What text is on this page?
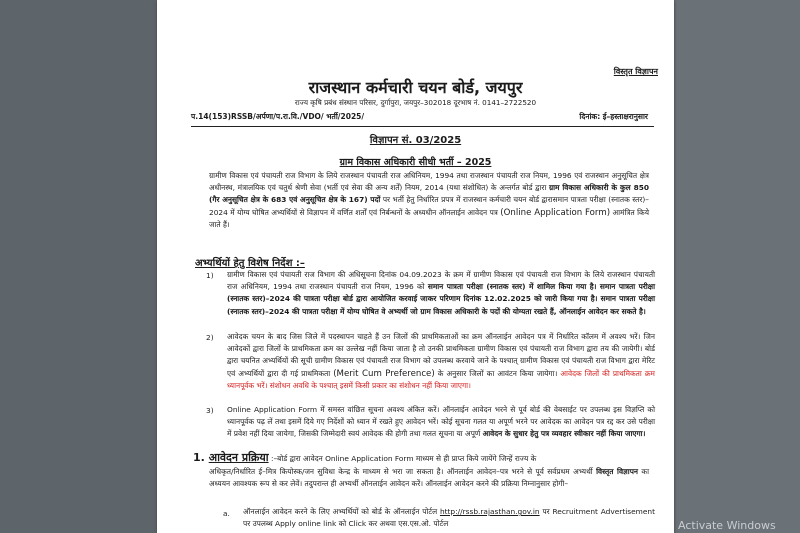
विस्तृत विज्ञापन
राजस्थान कर्मचारी चयन बोर्ड, जयपुर
राज्य कृषि प्रबंध संस्थान परिसर, दुर्गापुरा, जयपुर–302018 दूरभाष नं. 0141–2722520
प.14(153)RSSB/अर्पणा/प.रा.वि./VDO/ भर्ती/2025/	दिनांक: ई–हस्ताक्षरानुसार
विज्ञापन सं. 03/2025
ग्राम विकास अधिकारी सीधी भर्ती – 2025
ग्रामीण विकास एवं पंचायती राज विभाग के लिये राजस्थान पंचायती राज अधिनियम, 1994 तथा राजस्थान पंचायती राज नियम, 1996 एवं राजस्थान अनुसूचित क्षेत्र अधीनस्थ, मंत्रालयिक एवं चतुर्थ श्रेणी सेवा (भर्ती एवं सेवा की अन्य शर्तें) नियम, 2014 (यथा संशोधित) के अन्तर्गत बोर्ड द्वारा ग्राम विकास अधिकारी के कुल 850 (गैर अनुसूचित क्षेत्र के 683 एवं अनुसूचित क्षेत्र के 167) पदों पर भर्ती हेतु निर्धारित प्रपत्र में राजस्थान कर्मचारी चयन बोर्ड द्वारासमान पात्रता परीक्षा (स्नातक स्तर)– 2024 में योग्य घोषित अभ्यर्थियों से विज्ञापन में वर्णित शर्तों एवं निर्बन्धनों के अध्यधीन ऑनलाईन आवेदन पत्र (Online Application Form) आमंत्रित किये जाते हैं।
अभ्यर्थियों हेतु विशेष निर्देश :–
1) ग्रामीण विकास एवं पंचायती राज विभाग की अधिसूचना दिनांक 04.09.2023 के क्रम में ग्रामीण विकास एवं पंचायती राज विभाग के लिये राजस्थान पंचायती राज अधिनियम, 1994 तथा राजस्थान पंचायती राज नियम, 1996 को समान पात्रता परीक्षा (स्नातक स्तर) में शामिल किया गया है। समान पात्रता परीक्षा (स्नातक स्तर)–2024 की पात्रता परीक्षा बोर्ड द्वारा आयोजित करवाई जाकर परिणाम दिनांक 12.02.2025 को जारी किया गया है। समान पात्रता परीक्षा (स्नातक स्तर)–2024 की पात्रता परीक्षा में योग्य घोषित वे अभ्यर्थी जो ग्राम विकास अधिकारी के पदों की योग्यता रखते हैं, ऑनलाईन आवेदन कर सकते है।
2) आवेदक चयन के बाद जिस जिले में पदस्थापन चाहते हैं उन जिलों की प्राथमिकताओं का क्रम ऑनलाईन आवेदन पत्र में निर्धारित कॉलम में अवश्य भरें। जिन आवेदकों द्वारा जिलों के प्राथमिकता क्रम का उल्लेख नहीं किया जाता है तो उनकी प्राथमिकता ग्रामीण विकास एवं पंचायती राज विभाग द्वारा तय की जायेगी। बोर्ड द्वारा चयनित अभ्यर्थियों की सूची ग्रामीण विकास एवं पंचायती राज विभाग को उपलब्ध करवाये जाने के पश्चात् ग्रामीण विकास एवं पंचायती राज विभाग द्वारा मेरिट एवं अभ्यर्थियों द्वारा दी गई प्राथमिकता (Merit Cum Preference) के अनुसार जिलों का आवंटन किया जायेगा। आवेदक जिलों की प्राथमिकता क्रम ध्यानपूर्वक भरें। संशोधन अवधि के पश्चात् इसमें किसी प्रकार का संशोधन नहीं किया जाएगा।
3) Online Application Form में समस्त वांछित सूचना अवश्य अंकित करें। ऑनलाईन आवेदन भरने से पूर्व बोर्ड की वेबसाईट पर उपलब्ध इस विज्ञप्ति को ध्यानपूर्वक पढ़ लें तथा इसमें दिये गए निर्देशों को ध्यान में रखते हुए आवेदन भरें। कोई सूचना गलत या अपूर्ण भरने पर आवेदक का आवेदन पत्र रद्द कर उसे परीक्षा में प्रवेश नहीं दिया जायेगा, जिसकी जिम्मेदारी स्वयं आवेदक की होगी तथा गलत सूचना या अपूर्ण आवेदन के सुधार हेतु पत्र व्यवहार स्वीकार नहीं किया जाएगा।
1. आवेदन प्रक्रिया :–बोर्ड द्वारा आवेदन Online Application Form माध्यम से ही प्राप्त किये जायेंगे जिन्हें राज्य के
अधिकृत/निर्धारित ई–मित्र कियोस्क/जन सुविधा केन्द्र के माध्यम से भरा जा सकता है। ऑनलाईन आवेदन–पत्र भरने से पूर्व सर्वप्रथम अभ्यर्थी विस्तृत विज्ञापन का अध्ययन आवश्यक रूप से कर लेवें। तदुपरान्त ही अभ्यर्थी ऑनलाईन आवेदन करें। ऑनलाईन आवेदन करने की प्रक्रिया निम्नानुसार होगी–
a. ऑनलाईन आवेदन करने के लिए अभ्यर्थियों को बोर्ड के ऑनलाईन पोर्टल http://rssb.rajasthan.gov.in पर Recruitment Advertisement पर उपलब्ध Apply online link को Click कर अथवा एस.एस.ओ. पोर्टल	Activate Windows
